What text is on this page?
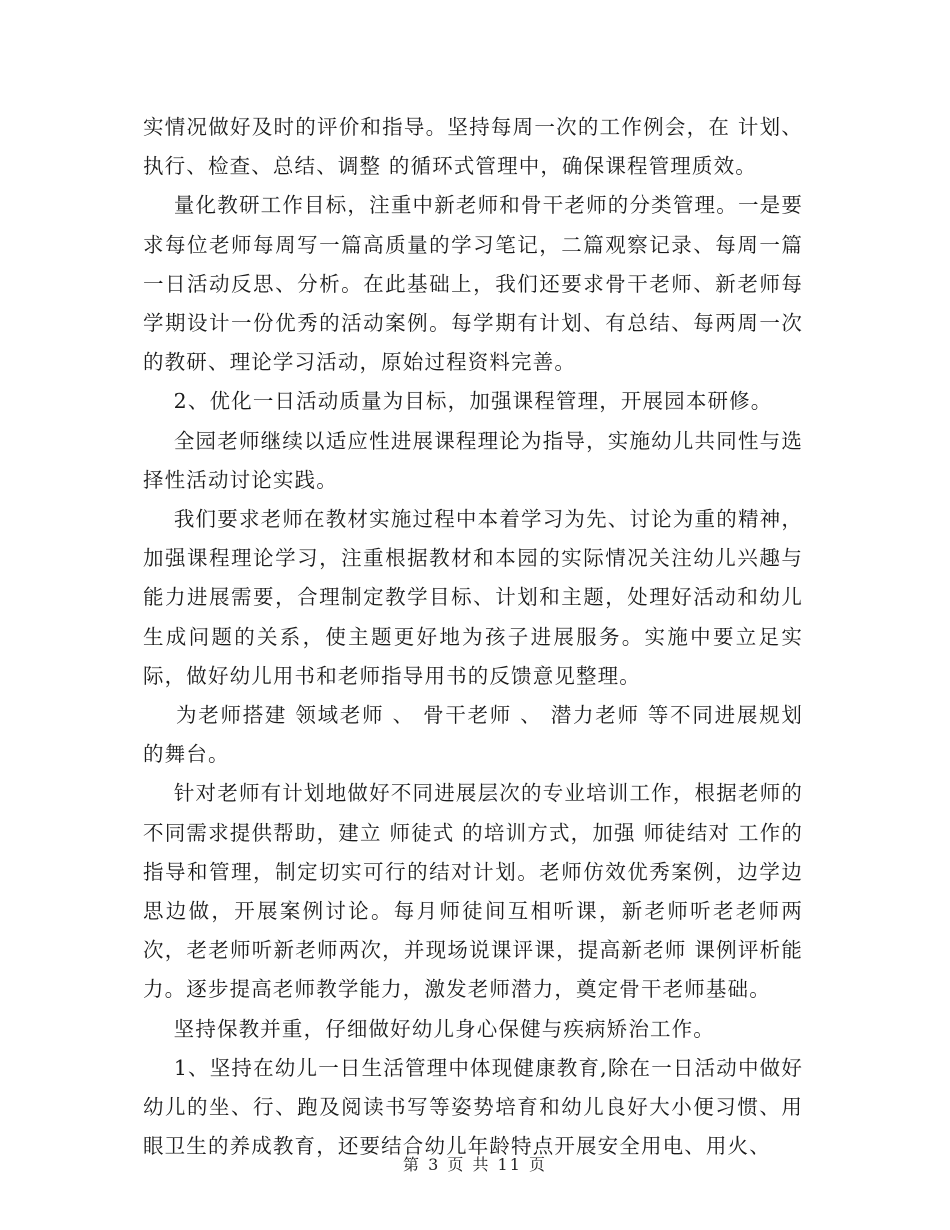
实情况做好及时的评价和指导。坚持每周一次的工作例会，在 计划、执行、检查、总结、调整 的循环式管理中，确保课程管理质效。

量化教研工作目标，注重中新老师和骨干老师的分类管理。一是要求每位老师每周写一篇高质量的学习笔记，二篇观察记录、每周一篇一日活动反思、分析。在此基础上，我们还要求骨干老师、新老师每学期设计一份优秀的活动案例。每学期有计划、有总结、每两周一次的教研、理论学习活动，原始过程资料完善。

2、优化一日活动质量为目标，加强课程管理，开展园本研修。

全园老师继续以适应性进展课程理论为指导，实施幼儿共同性与选择性活动讨论实践。

我们要求老师在教材实施过程中本着学习为先、讨论为重的精神，加强课程理论学习，注重根据教材和本园的实际情况关注幼儿兴趣与能力进展需要，合理制定教学目标、计划和主题，处理好活动和幼儿生成问题的关系，使主题更好地为孩子进展服务。实施中要立足实际，做好幼儿用书和老师指导用书的反馈意见整理。

为老师搭建 领域老师 、 骨干老师 、 潜力老师 等不同进展规划的舞台。

针对老师有计划地做好不同进展层次的专业培训工作，根据老师的不同需求提供帮助，建立 师徒式 的培训方式，加强 师徒结对 工作的指导和管理，制定切实可行的结对计划。老师仿效优秀案例，边学边思边做，开展案例讨论。每月师徒间互相听课，新老师听老老师两次，老老师听新老师两次，并现场说课评课，提高新老师 课例评析能力。逐步提高老师教学能力，激发老师潜力，奠定骨干老师基础。

坚持保教并重，仔细做好幼儿身心保健与疾病矫治工作。

1、坚持在幼儿一日生活管理中体现健康教育,除在一日活动中做好幼儿的坐、行、跑及阅读书写等姿势培育和幼儿良好大小便习惯、用眼卫生的养成教育，还要结合幼儿年龄特点开展安全用电、用火、

第 3 页 共 11 页
